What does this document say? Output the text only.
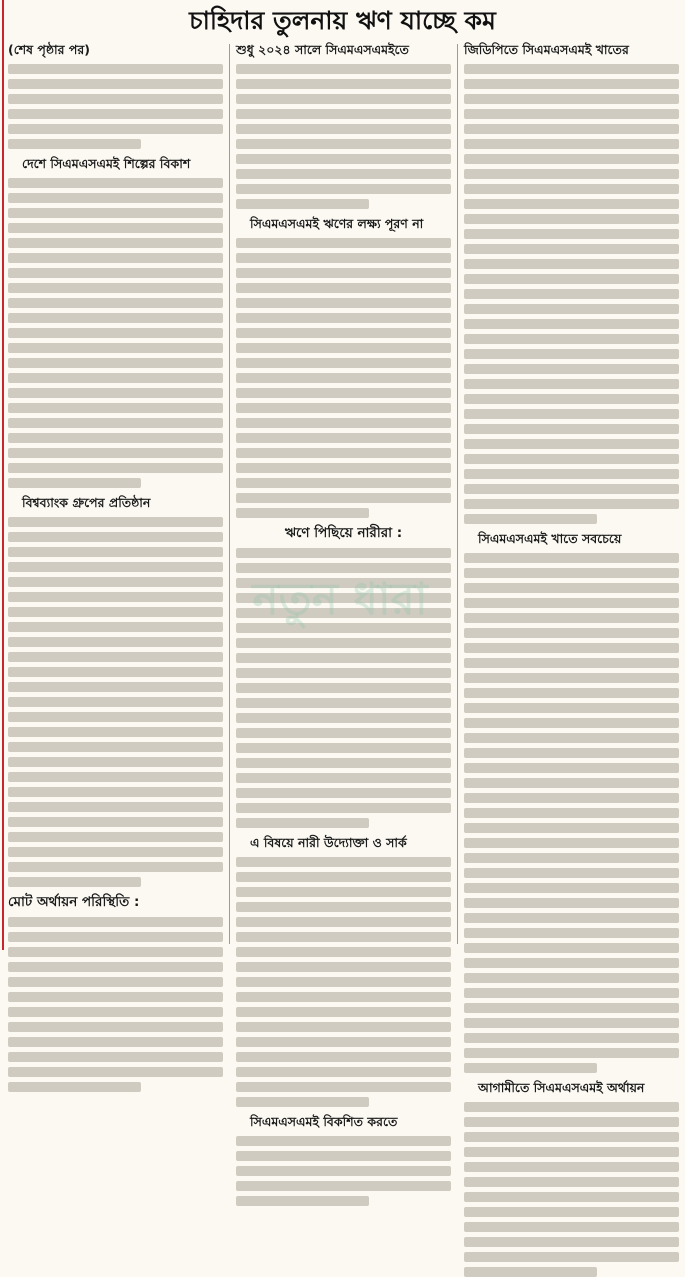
চাহিদার তুলনায় ঋণ যাচ্ছে কম
(শেষ পৃষ্ঠার পর)
দেশে সিএমএসএমই শিল্পের বিকাশ
বিশ্বব্যাংক গ্রুপের প্রতিষ্ঠান
মোট অর্থায়ন পরিস্থিতি :
শুধু ২০২৪ সালে সিএমএসএমইতে
সিএমএসএমই ঋণের লক্ষ্য পূরণ না
ঋণে পিছিয়ে নারীরা :
এ বিষয়ে নারী উদ্যোক্তা ও সার্ক
সিএমএসএমই বিকশিত করতে
জিডিপিতে সিএমএসএমই খাতের
সিএমএসএমই খাতে সবচেয়ে
আগামীতে সিএমএসএমই অর্থায়ন
নতুন ধারা
